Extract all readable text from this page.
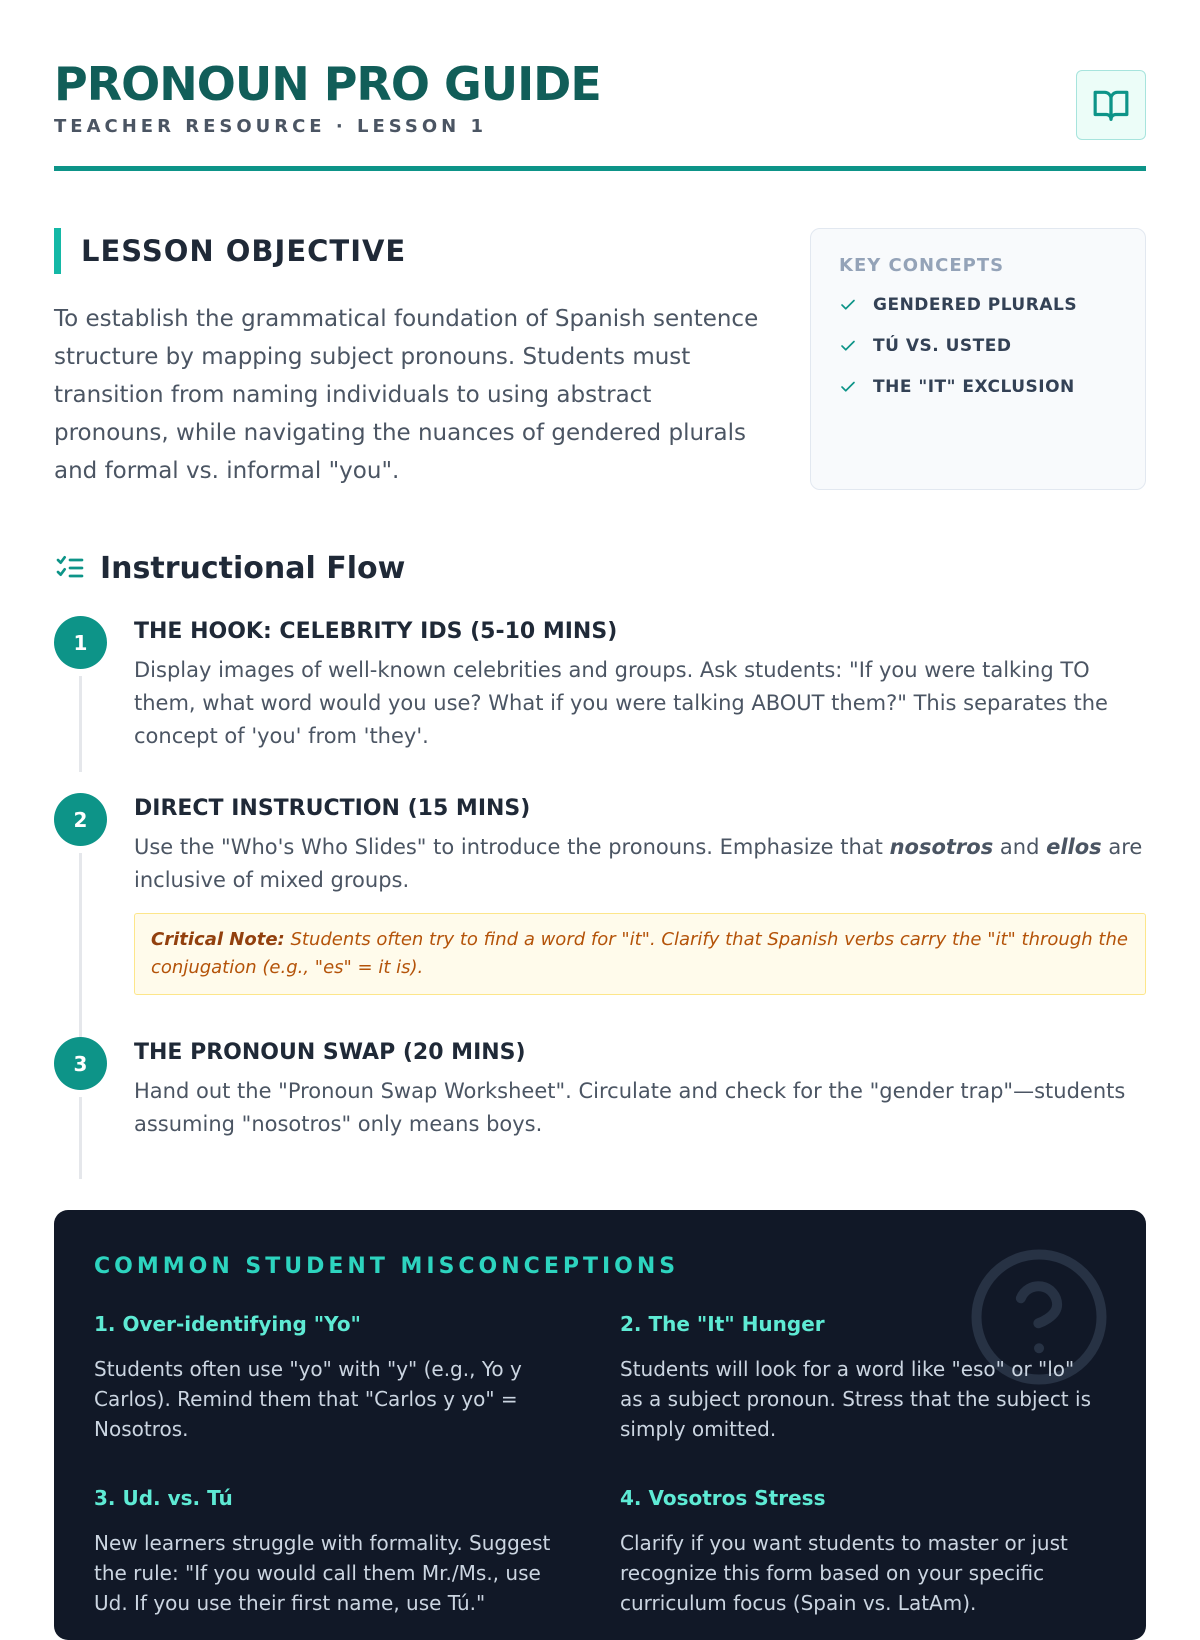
PRONOUN PRO GUIDE
TEACHER RESOURCE · LESSON 1
LESSON OBJECTIVE
To establish the grammatical foundation of Spanish sentence structure by mapping subject pronouns. Students must transition from naming individuals to using abstract pronouns, while navigating the nuances of gendered plurals and formal vs. informal "you".
KEY CONCEPTS
GENDERED PLURALS
TÚ VS. USTED
THE "IT" EXCLUSION
Instructional Flow
1	THE HOOK: CELEBRITY IDS (5-10 MINS)
Display images of well-known celebrities and groups. Ask students: "If you were talking TO them, what word would you use? What if you were talking ABOUT them?" This separates the concept of 'you' from 'they'.
2	DIRECT INSTRUCTION (15 MINS)
Use the "Who's Who Slides" to introduce the pronouns. Emphasize that nosotros and ellos are inclusive of mixed groups.
Critical Note: Students often try to find a word for "it". Clarify that Spanish verbs carry the "it" through the conjugation (e.g., "es" = it is).
3	THE PRONOUN SWAP (20 MINS)
Hand out the "Pronoun Swap Worksheet". Circulate and check for the "gender trap"—students assuming "nosotros" only means boys.
COMMON STUDENT MISCONCEPTIONS
1. Over-identifying "Yo"

Students often use "yo" with "y" (e.g., Yo y Carlos). Remind them that "Carlos y yo" = Nosotros.

2. The "It" Hunger

Students will look for a word like "eso" or "lo" as a subject pronoun. Stress that the subject is simply omitted.

3. Ud. vs. Tú

New learners struggle with formality. Suggest the rule: "If you would call them Mr./Ms., use Ud. If you use their first name, use Tú."

4. Vosotros Stress

Clarify if you want students to master or just recognize this form based on your specific curriculum focus (Spain vs. LatAm).
